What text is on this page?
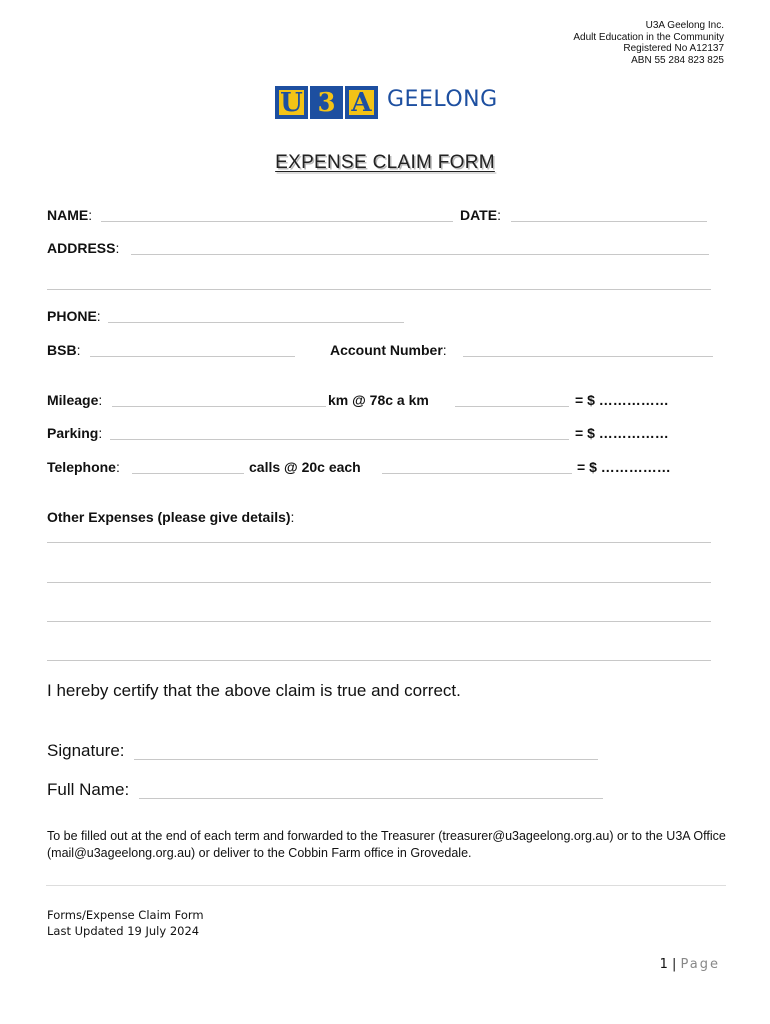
U3A Geelong Inc.
Adult Education in the Community
Registered No A12137
ABN 55 284 823 825
U 3 A GEELONG
EXPENSE CLAIM FORM
NAME:	DATE:
ADDRESS:
PHONE:
BSB:	Account Number:
Mileage:	km @ 78c a km	= $ ……………
Parking:	= $ ……………
Telephone:	calls @ 20c each	= $ ……………
Other Expenses (please give details):
I hereby certify that the above claim is true and correct.
Signature:
Full Name:
To be filled out at the end of each term and forwarded to the Treasurer (treasurer@u3ageelong.org.au) or to the U3A Office (mail@u3ageelong.org.au) or deliver to the Cobbin Farm office in Grovedale.
Forms/Expense Claim Form
Last Updated 19 July 2024
1 | Page
